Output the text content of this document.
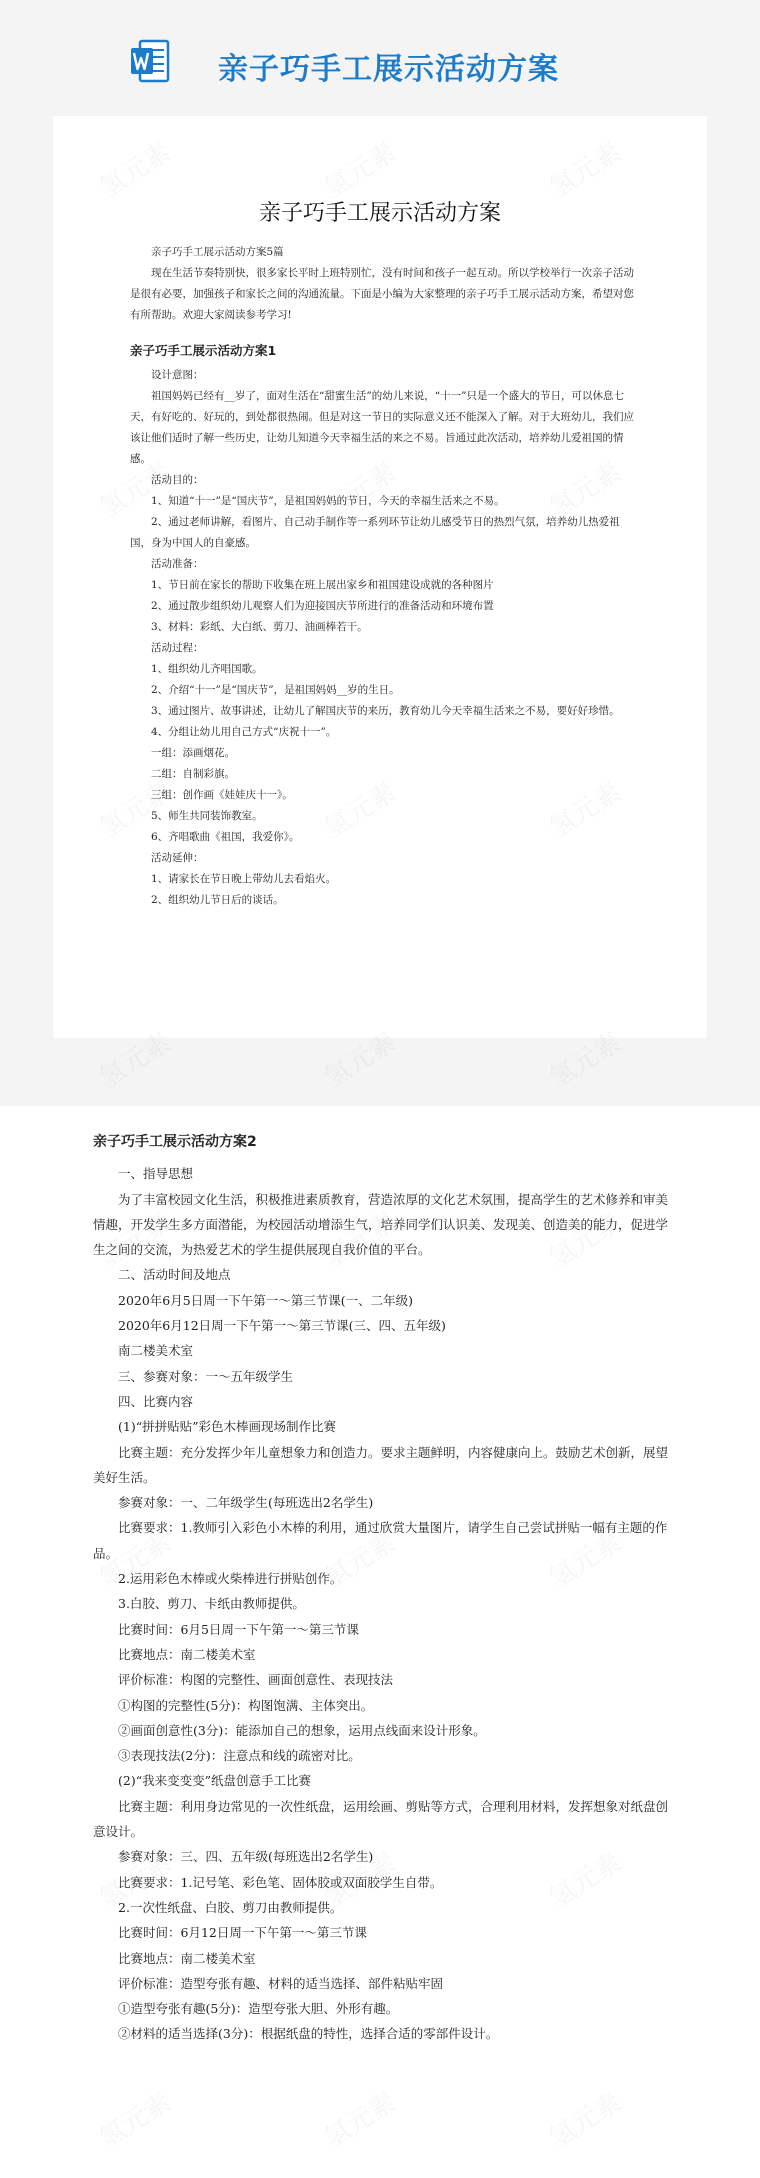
亲子巧手工展示活动方案
亲子巧手工展示活动方案
亲子巧手工展示活动方案5篇
现在生活节奏特别快，很多家长平时上班特别忙，没有时间和孩子一起互动。所以学校举行一次亲子活动是很有必要，加强孩子和家长之间的沟通流量。下面是小编为大家整理的亲子巧手工展示活动方案，希望对您有所帮助。欢迎大家阅读参考学习!
亲子巧手工展示活动方案1
设计意图：
祖国妈妈已经有__岁了，面对生活在“甜蜜生活”的幼儿来说，“十一”只是一个盛大的节日，可以休息七天，有好吃的、好玩的，到处都很热闹。但是对这一节日的实际意义还不能深入了解。对于大班幼儿，我们应该让他们适时了解一些历史，让幼儿知道今天幸福生活的来之不易。旨通过此次活动，培养幼儿爱祖国的情感。
活动目的：
1、知道“十一”是“国庆节”，是祖国妈妈的节日，今天的幸福生活来之不易。
2、通过老师讲解，看图片、自己动手制作等一系列环节让幼儿感受节日的热烈气氛，培养幼儿热爱祖国，身为中国人的自豪感。
活动准备：
1、节日前在家长的帮助下收集在班上展出家乡和祖国建设成就的各种图片
2、通过散步组织幼儿观察人们为迎接国庆节所进行的准备活动和环境布置
3、材料：彩纸、大白纸、剪刀、油画棒若干。
活动过程：
1、组织幼儿齐唱国歌。
2、介绍“十一”是“国庆节”，是祖国妈妈__岁的生日。
3、通过图片、故事讲述，让幼儿了解国庆节的来历，教育幼儿今天幸福生活来之不易，要好好珍惜。
4、分组让幼儿用自己方式“庆祝十一”。
一组：添画烟花。
二组：自制彩旗。
三组：创作画《娃娃庆十一》。
5、师生共同装饰教室。
6、齐唱歌曲《祖国，我爱你》。
活动延伸：
1、请家长在节日晚上带幼儿去看焰火。
2、组织幼儿节日后的谈话。
亲子巧手工展示活动方案2
一、指导思想
为了丰富校园文化生活，积极推进素质教育，营造浓厚的文化艺术氛围，提高学生的艺术修养和审美情趣，开发学生多方面潜能，为校园活动增添生气，培养同学们认识美、发现美、创造美的能力，促进学生之间的交流，为热爱艺术的学生提供展现自我价值的平台。
二、活动时间及地点
2020年6月5日周一下午第一～第三节课(一、二年级)
2020年6月12日周一下午第一～第三节课(三、四、五年级)
南二楼美术室
三、参赛对象：一～五年级学生
四、比赛内容
(1)“拼拼贴贴”彩色木棒画现场制作比赛
比赛主题：充分发挥少年儿童想象力和创造力。要求主题鲜明，内容健康向上。鼓励艺术创新，展望美好生活。
参赛对象：一、二年级学生(每班选出2名学生)
比赛要求：1.教师引入彩色小木棒的利用，通过欣赏大量图片，请学生自己尝试拼贴一幅有主题的作品。
2.运用彩色木棒或火柴棒进行拼贴创作。
3.白胶、剪刀、卡纸由教师提供。
比赛时间：6月5日周一下午第一～第三节课
比赛地点：南二楼美术室
评价标准：构图的完整性、画面创意性、表现技法
①构图的完整性(5分)：构图饱满、主体突出。
②画面创意性(3分)：能添加自己的想象，运用点线面来设计形象。
③表现技法(2分)：注意点和线的疏密对比。
(2)“我来变变变”纸盘创意手工比赛
比赛主题：利用身边常见的一次性纸盘，运用绘画、剪贴等方式，合理利用材料，发挥想象对纸盘创意设计。
参赛对象：三、四、五年级(每班选出2名学生)
比赛要求：1.记号笔、彩色笔、固体胶或双面胶学生自带。
2.一次性纸盘、白胶、剪刀由教师提供。
比赛时间：6月12日周一下午第一～第三节课
比赛地点：南二楼美术室
评价标准：造型夸张有趣、材料的适当选择、部件粘贴牢固
①造型夸张有趣(5分)：造型夸张大胆、外形有趣。
②材料的适当选择(3分)：根据纸盘的特性，选择合适的零部件设计。
